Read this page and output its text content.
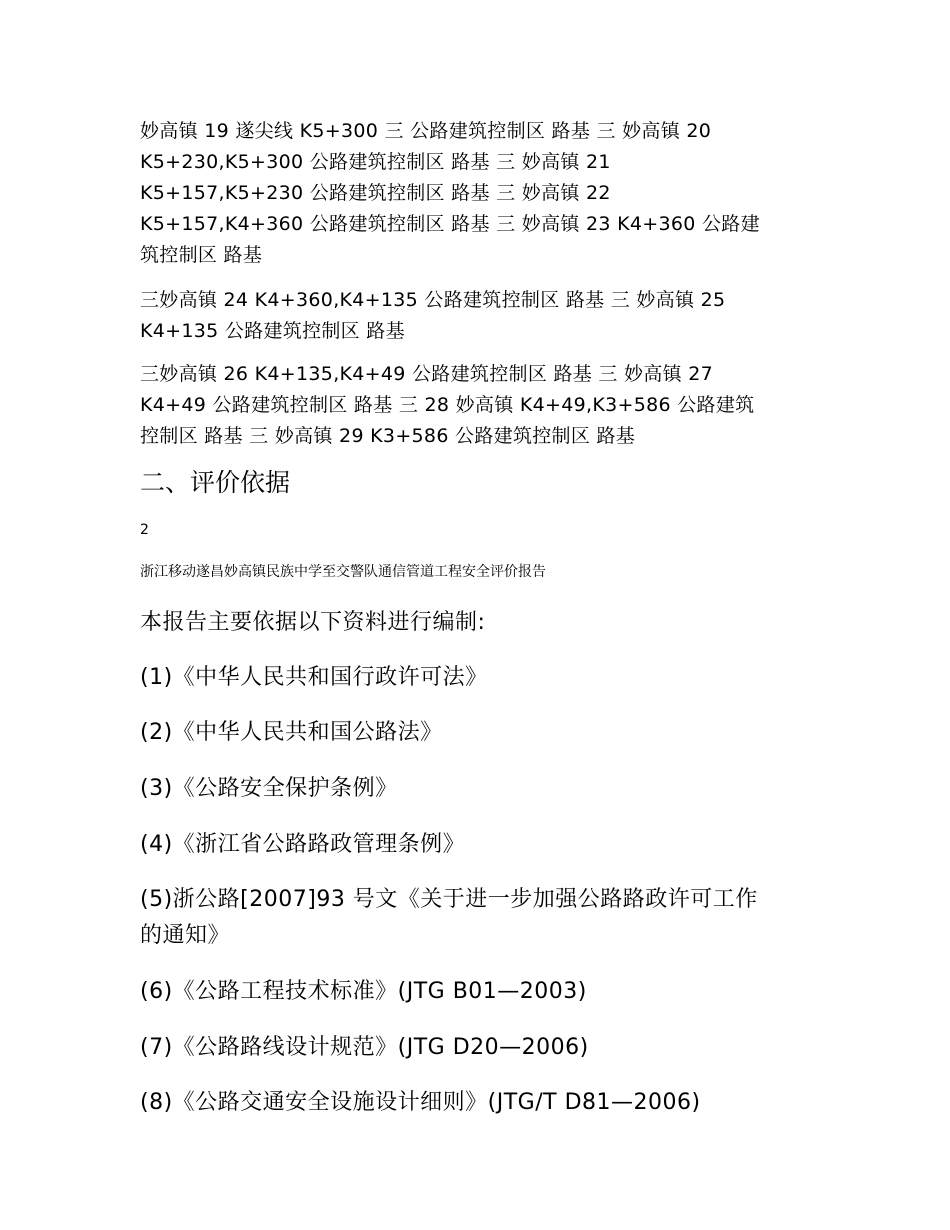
妙高镇 19 遂尖线 K5+300 三 公路建筑控制区 路基 三 妙高镇 20
K5+230,K5+300 公路建筑控制区 路基 三 妙高镇 21
K5+157,K5+230 公路建筑控制区 路基 三 妙高镇 22
K5+157,K4+360 公路建筑控制区 路基 三 妙高镇 23 K4+360 公路建
筑控制区 路基

三妙高镇 24 K4+360,K4+135 公路建筑控制区 路基 三 妙高镇 25
K4+135 公路建筑控制区 路基

三妙高镇 26 K4+135,K4+49 公路建筑控制区 路基 三 妙高镇 27
K4+49 公路建筑控制区 路基 三 28 妙高镇 K4+49,K3+586 公路建筑
控制区 路基 三 妙高镇 29 K3+586 公路建筑控制区 路基

二、评价依据
2
浙江移动遂昌妙高镇民族中学至交警队通信管道工程安全评价报告

本报告主要依据以下资料进行编制:

(1)《中华人民共和国行政许可法》

(2)《中华人民共和国公路法》

(3)《公路安全保护条例》

(4)《浙江省公路路政管理条例》

(5)浙公路[2007]93 号文《关于进一步加强公路路政许可工作
的通知》

(6)《公路工程技术标准》(JTG B01—2003)

(7)《公路路线设计规范》(JTG D20—2006)

(8)《公路交通安全设施设计细则》(JTG/T D81—2006)
